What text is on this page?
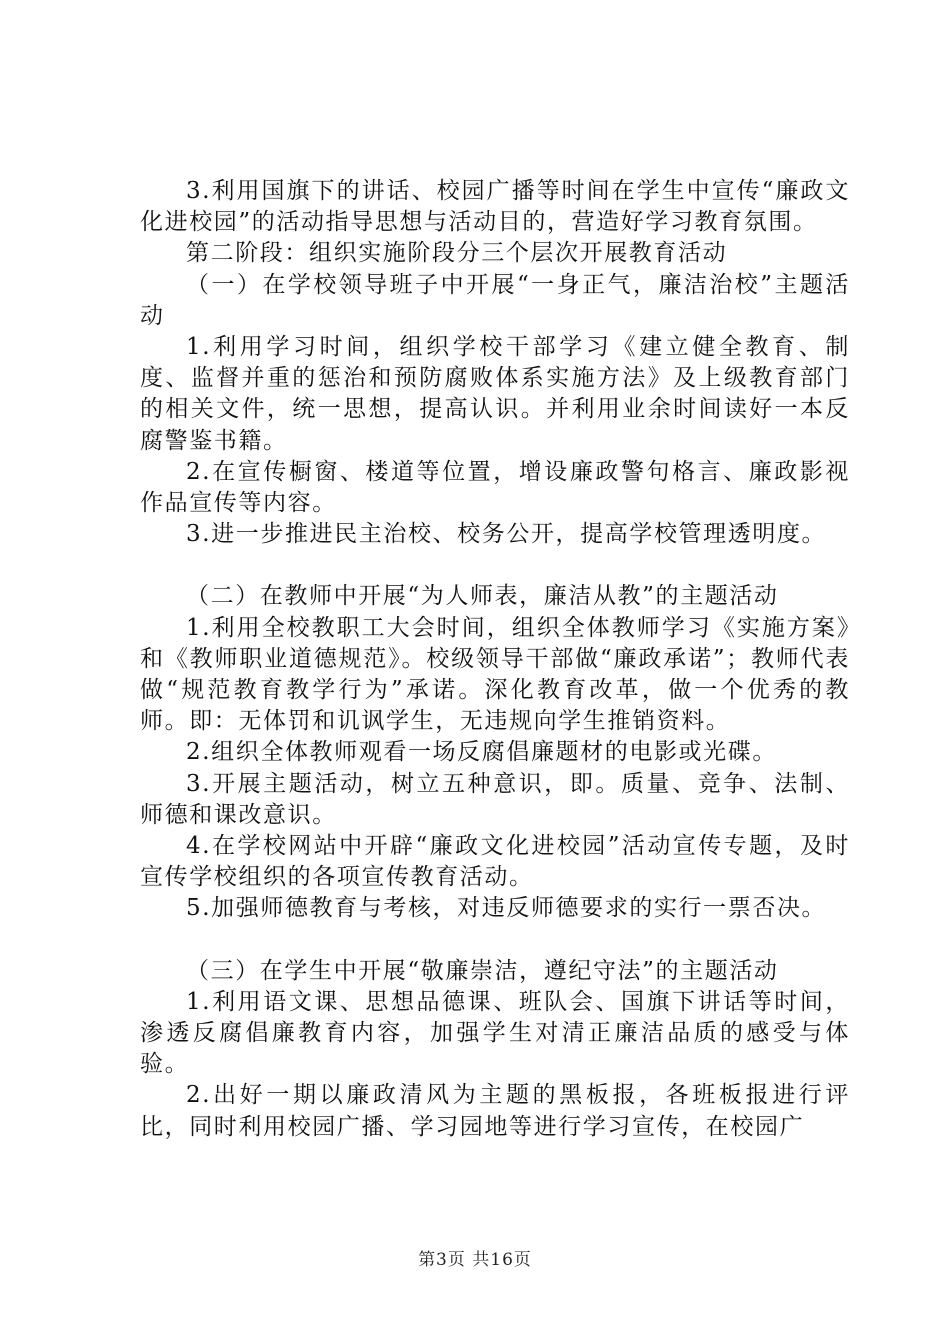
3.利用国旗下的讲话、校园广播等时间在学生中宣传“廉政文化进校园”的活动指导思想与活动目的，营造好学习教育氛围。

第二阶段：组织实施阶段分三个层次开展教育活动

（一）在学校领导班子中开展“一身正气，廉洁治校”主题活动

1.利用学习时间，组织学校干部学习《建立健全教育、制度、监督并重的惩治和预防腐败体系实施方法》及上级教育部门的相关文件，统一思想，提高认识。并利用业余时间读好一本反腐警鉴书籍。

2.在宣传橱窗、楼道等位置，增设廉政警句格言、廉政影视作品宣传等内容。

3.进一步推进民主治校、校务公开，提高学校管理透明度。

（二）在教师中开展“为人师表，廉洁从教”的主题活动

1.利用全校教职工大会时间，组织全体教师学习《实施方案》和《教师职业道德规范》。校级领导干部做“廉政承诺”；教师代表做“规范教育教学行为”承诺。深化教育改革，做一个优秀的教师。即：无体罚和讥讽学生，无违规向学生推销资料。

2.组织全体教师观看一场反腐倡廉题材的电影或光碟。

3.开展主题活动，树立五种意识，即。质量、竞争、法制、师德和课改意识。

4.在学校网站中开辟“廉政文化进校园”活动宣传专题，及时宣传学校组织的各项宣传教育活动。

5.加强师德教育与考核，对违反师德要求的实行一票否决。

（三）在学生中开展“敬廉崇洁，遵纪守法”的主题活动

1.利用语文课、思想品德课、班队会、国旗下讲话等时间，渗透反腐倡廉教育内容，加强学生对清正廉洁品质的感受与体验。

2.出好一期以廉政清风为主题的黑板报，各班板报进行评比，同时利用校园广播、学习园地等进行学习宣传，在校园广

第3页 共16页
